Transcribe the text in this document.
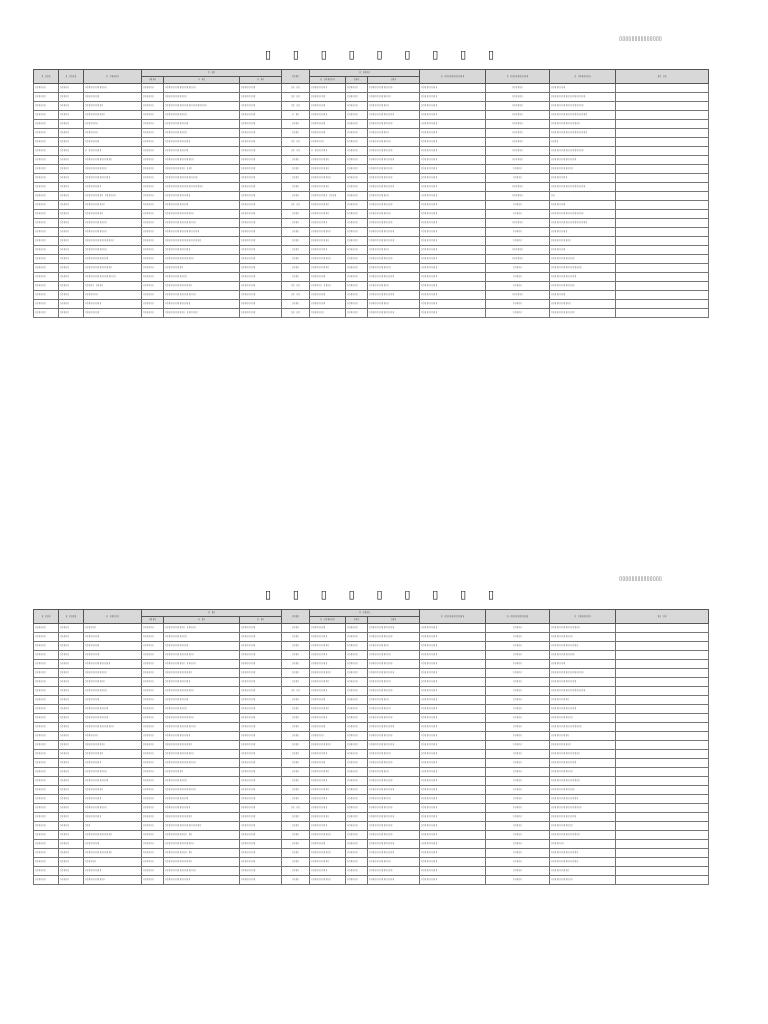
▯▯▯▯▯▯▯▯▯▯▯▯▯▯
▯ ▯ ▯ ▯ ▯ ▯ ▯ ▯ ▯
▯ ▯▯▯	▯ ▯▯▯▯	▯ ▯▯▯▯▯	▯ ▯▯			▯▯▯▯	▯ ▯▯▯▯			▯ ▯▯▯▯▯▯▯▯▯▯▯	▯ ▯▯▯▯▯▯▯▯▯▯	▯ ▯▯▯▯▯▯▯	▯▯ ▯▯
			▯▯▯▯	▯ ▯▯	▯ ▯▯		▯ ▯▯▯▯▯▯	▯▯▯	▯▯▯				
▯▯▯▯▯▯	▯▯▯▯▯	▯▯▯▯▯▯▯▯▯▯▯▯	▯▯▯▯▯▯	▯▯▯▯▯▯▯▯▯▯▯▯▯▯▯▯▯	▯▯▯▯▯▯▯▯	▯▯ ▯▯	▯▯▯▯▯▯▯▯▯	▯▯▯▯▯▯	▯▯▯▯▯▯▯▯▯▯▯▯▯	▯▯▯▯▯▯▯▯▯	▯▯▯▯▯▯	▯▯▯▯▯▯▯▯	
▯▯▯▯▯▯	▯▯▯▯▯	▯▯▯▯▯▯▯▯	▯▯▯▯▯▯	▯▯▯▯▯▯▯▯▯▯▯▯	▯▯▯▯▯▯▯▯	▯▯ ▯▯	▯▯▯▯▯▯▯▯	▯▯▯▯▯▯	▯▯▯▯▯▯▯▯▯▯▯▯	▯▯▯▯▯▯▯▯▯	▯▯▯▯▯▯	▯▯▯▯▯▯▯▯▯▯▯▯▯▯▯▯▯▯▯	
▯▯▯▯▯▯	▯▯▯▯▯	▯▯▯▯▯▯▯▯▯▯	▯▯▯▯▯▯	▯▯▯▯▯▯▯▯▯▯▯▯▯▯▯▯▯▯▯▯▯▯▯	▯▯▯▯▯▯▯▯	▯▯ ▯▯	▯▯▯▯▯▯▯▯	▯▯▯▯▯▯	▯▯▯▯▯▯▯▯▯▯▯	▯▯▯▯▯▯▯▯▯	▯▯▯▯▯▯	▯▯▯▯▯▯▯▯▯▯▯▯▯▯▯▯▯▯	
▯▯▯▯▯▯	▯▯▯▯▯	▯▯▯▯▯▯▯▯▯▯▯	▯▯▯▯▯▯	▯▯▯▯▯▯▯▯▯▯▯▯	▯▯▯▯▯▯▯▯	▯ ▯▯	▯▯▯▯▯▯▯▯▯	▯▯▯▯▯▯	▯▯▯▯▯▯▯▯▯▯▯▯▯▯	▯▯▯▯▯▯▯▯▯	▯▯▯▯▯▯	▯▯▯▯▯▯▯▯▯▯▯▯▯▯▯▯▯▯▯▯	
▯▯▯▯▯▯	▯▯▯▯▯	▯▯▯▯▯▯▯	▯▯▯▯▯▯	▯▯▯▯▯▯▯▯▯▯▯▯▯	▯▯▯▯▯▯▯▯	▯▯▯▯	▯▯▯▯▯▯▯▯	▯▯▯▯▯▯	▯▯▯▯▯▯▯▯▯▯▯▯▯	▯▯▯▯▯▯▯▯▯	▯▯▯▯▯▯	▯▯▯▯▯▯▯▯▯▯▯▯▯▯▯▯	
▯▯▯▯▯▯	▯▯▯▯▯	▯▯▯▯▯▯▯	▯▯▯▯▯▯	▯▯▯▯▯▯▯▯▯▯▯▯	▯▯▯▯▯▯▯▯	▯▯▯▯	▯▯▯▯▯▯▯▯	▯▯▯▯▯▯	▯▯▯▯▯▯▯▯▯▯▯	▯▯▯▯▯▯▯▯▯	▯▯▯▯▯▯	▯▯▯▯▯▯▯▯▯▯▯▯▯▯▯▯▯▯▯▯	
▯▯▯▯▯▯	▯▯▯▯▯	▯▯▯▯▯▯▯▯	▯▯▯▯▯▯	▯▯▯▯▯▯▯▯▯▯▯▯▯▯	▯▯▯▯▯▯▯▯	▯▯ ▯▯	▯▯▯▯▯▯▯	▯▯▯▯▯▯	▯▯▯▯▯▯▯▯▯▯▯▯	▯▯▯▯▯▯▯▯▯	▯▯▯▯▯▯	▯▯▯▯	
▯▯▯▯▯▯	▯▯▯▯▯	▯ ▯▯▯▯▯▯▯	▯▯▯▯▯▯	▯▯▯▯▯▯▯▯▯▯▯▯▯	▯▯▯▯▯▯▯▯	▯▯ ▯▯	▯ ▯▯▯▯▯▯▯	▯▯▯▯▯▯	▯▯▯▯▯▯▯▯▯▯▯▯▯	▯▯▯▯▯▯▯▯▯	▯▯▯▯▯▯	▯▯▯▯▯▯▯▯▯▯▯▯▯▯▯▯▯▯	
▯▯▯▯▯▯	▯▯▯▯▯	▯▯▯▯▯▯▯▯▯▯▯▯▯▯▯	▯▯▯▯▯▯	▯▯▯▯▯▯▯▯▯▯▯▯▯▯▯▯	▯▯▯▯▯▯▯▯	▯▯▯▯	▯▯▯▯▯▯▯▯▯▯	▯▯▯▯▯▯	▯▯▯▯▯▯▯▯▯▯▯▯▯▯	▯▯▯▯▯▯▯▯▯	▯▯▯▯▯▯	▯▯▯▯▯▯▯▯▯▯▯▯▯▯	
▯▯▯▯▯▯	▯▯▯▯▯	▯▯▯▯▯▯▯▯▯▯▯▯	▯▯▯▯▯▯	▯▯▯▯▯▯▯▯▯▯▯ ▯▯▯	▯▯▯▯▯▯▯▯	▯▯▯▯	▯▯▯▯▯▯▯▯▯▯	▯▯▯▯▯▯	▯▯▯▯▯▯▯▯▯▯▯▯▯	▯▯▯▯▯▯▯▯▯	▯▯▯▯▯	▯▯▯▯▯▯▯▯▯▯▯▯	
▯▯▯▯▯▯	▯▯▯▯▯	▯▯▯▯▯▯▯▯▯▯▯▯▯▯	▯▯▯▯▯▯	▯▯▯▯▯▯▯▯▯▯▯▯▯▯▯▯▯▯	▯▯▯▯▯▯▯▯	▯▯▯▯	▯▯▯▯▯▯▯▯▯▯▯	▯▯▯▯▯▯	▯▯▯▯▯▯▯▯▯▯▯▯▯	▯▯▯▯▯▯▯▯▯	▯▯▯▯▯	▯▯▯▯▯▯▯▯▯	
▯▯▯▯▯▯	▯▯▯▯▯	▯▯▯▯▯▯▯▯▯	▯▯▯▯▯▯	▯▯▯▯▯▯▯▯▯▯▯▯▯▯▯▯▯▯▯▯▯	▯▯▯▯▯▯▯▯	▯▯▯▯	▯▯▯▯▯▯▯▯▯▯	▯▯▯▯▯▯	▯▯▯▯▯▯▯▯▯▯▯▯▯▯	▯▯▯▯▯▯▯▯▯	▯▯▯▯▯▯	▯▯▯▯▯▯▯▯▯▯▯▯▯▯▯▯▯▯▯	
▯▯▯▯▯▯	▯▯▯▯▯	▯▯▯▯▯▯▯▯▯▯ ▯▯▯▯▯▯	▯▯▯▯▯▯	▯▯▯▯▯▯▯▯▯▯▯▯▯▯	▯▯▯▯▯▯▯▯	▯▯▯▯	▯▯▯▯▯▯▯▯▯ ▯▯▯▯	▯▯▯▯▯▯	▯▯▯▯▯▯▯▯▯▯▯	▯▯▯▯▯▯▯▯▯	▯▯▯▯▯▯	▯▯	
▯▯▯▯▯▯	▯▯▯▯▯	▯▯▯▯▯▯▯▯▯▯▯	▯▯▯▯▯▯	▯▯▯▯▯▯▯▯▯▯▯▯▯	▯▯▯▯▯▯▯▯	▯▯ ▯▯	▯▯▯▯▯▯▯▯▯▯	▯▯▯▯▯▯	▯▯▯▯▯▯▯▯▯▯▯▯▯	▯▯▯▯▯▯▯▯▯	▯▯▯▯▯	▯▯▯▯▯▯▯▯	
▯▯▯▯▯▯	▯▯▯▯▯	▯▯▯▯▯▯▯▯▯▯	▯▯▯▯▯▯	▯▯▯▯▯▯▯▯▯▯▯▯▯▯▯▯	▯▯▯▯▯▯▯▯	▯▯▯▯	▯▯▯▯▯▯▯▯▯▯	▯▯▯▯▯▯	▯▯▯▯▯▯▯▯▯▯▯▯	▯▯▯▯▯▯▯▯▯	▯▯▯▯▯	▯▯▯▯▯▯▯▯▯▯▯▯▯▯▯▯▯▯	
▯▯▯▯▯▯	▯▯▯▯▯	▯▯▯▯▯▯▯▯▯▯▯▯	▯▯▯▯▯▯	▯▯▯▯▯▯▯▯▯▯▯▯▯▯▯▯▯	▯▯▯▯▯▯▯▯	▯▯▯▯	▯▯▯▯▯▯▯▯▯	▯▯▯▯▯▯	▯▯▯▯▯▯▯▯▯▯▯▯▯	▯▯▯▯▯▯▯▯▯	▯▯▯▯▯▯	▯▯▯▯▯▯▯▯▯▯▯▯▯▯▯▯▯▯▯▯	
▯▯▯▯▯▯	▯▯▯▯▯	▯▯▯▯▯▯▯▯▯▯▯▯	▯▯▯▯▯▯	▯▯▯▯▯▯▯▯▯▯▯▯▯▯▯▯▯▯▯	▯▯▯▯▯▯▯▯	▯▯▯▯	▯▯▯▯▯▯▯▯▯▯▯	▯▯▯▯▯▯	▯▯▯▯▯▯▯▯▯▯▯▯▯▯	▯▯▯▯▯▯▯▯▯	▯▯▯▯▯	▯▯▯▯▯▯▯▯▯	
▯▯▯▯▯▯	▯▯▯▯▯	▯▯▯▯▯▯▯▯▯▯▯▯▯▯▯▯	▯▯▯▯▯▯	▯▯▯▯▯▯▯▯▯▯▯▯▯▯▯▯▯▯▯▯	▯▯▯▯▯▯▯▯	▯▯▯▯	▯▯▯▯▯▯▯▯▯▯	▯▯▯▯▯▯	▯▯▯▯▯▯▯▯▯▯▯▯▯▯	▯▯▯▯▯▯▯▯▯	▯▯▯▯▯	▯▯▯▯▯▯▯▯▯▯▯	
▯▯▯▯▯▯	▯▯▯▯▯	▯▯▯▯▯▯▯▯▯▯▯▯	▯▯▯▯▯▯	▯▯▯▯▯▯▯▯▯▯▯▯▯▯	▯▯▯▯▯▯▯▯	▯▯▯▯	▯▯▯▯▯▯▯▯▯	▯▯▯▯▯▯	▯▯▯▯▯▯▯▯▯▯▯	▯▯▯▯▯▯▯▯▯	▯▯▯▯▯▯	▯▯▯▯▯▯▯▯	
▯▯▯▯▯▯	▯▯▯▯▯	▯▯▯▯▯▯▯▯▯▯▯▯▯	▯▯▯▯▯▯	▯▯▯▯▯▯▯▯▯▯▯▯▯▯▯▯	▯▯▯▯▯▯▯▯	▯▯▯▯	▯▯▯▯▯▯▯▯▯▯▯	▯▯▯▯▯▯	▯▯▯▯▯▯▯▯▯▯▯▯▯	▯▯▯▯▯▯▯▯▯	▯▯▯▯▯▯	▯▯▯▯▯▯▯▯▯▯▯▯▯	
▯▯▯▯▯▯	▯▯▯▯▯	▯▯▯▯▯▯▯▯▯▯▯▯▯▯▯	▯▯▯▯▯▯	▯▯▯▯▯▯▯▯▯▯	▯▯▯▯▯▯▯▯	▯▯▯▯	▯▯▯▯▯▯▯▯▯▯	▯▯▯▯▯▯	▯▯▯▯▯▯▯▯▯▯▯▯	▯▯▯▯▯▯▯▯▯	▯▯▯▯▯	▯▯▯▯▯▯▯▯▯▯▯▯▯▯▯▯▯	
▯▯▯▯▯▯	▯▯▯▯▯	▯▯▯▯▯▯▯▯▯▯▯▯▯▯▯▯▯	▯▯▯▯▯▯	▯▯▯▯▯▯▯▯▯▯▯▯	▯▯▯▯▯▯▯▯	▯▯▯▯	▯▯▯▯▯▯▯▯	▯▯▯▯▯▯	▯▯▯▯▯▯▯▯▯▯▯▯▯▯	▯▯▯▯▯▯▯▯▯	▯▯▯▯▯	▯▯▯▯▯▯▯▯▯▯▯▯▯▯	
▯▯▯▯▯▯	▯▯▯▯▯	▯▯▯▯▯ ▯▯▯▯	▯▯▯▯▯▯	▯▯▯▯▯▯▯▯▯▯▯▯▯▯▯	▯▯▯▯▯▯▯▯	▯▯ ▯▯	▯▯▯▯▯▯ ▯▯▯▯	▯▯▯▯▯▯	▯▯▯▯▯▯▯▯▯▯▯	▯▯▯▯▯▯▯▯▯	▯▯▯▯▯	▯▯▯▯▯▯▯▯▯▯▯▯▯	
▯▯▯▯▯▯	▯▯▯▯▯	▯▯▯▯▯▯▯	▯▯▯▯▯▯	▯▯▯▯▯▯▯▯▯▯▯▯▯▯▯▯▯	▯▯▯▯▯▯▯▯	▯▯ ▯▯	▯▯▯▯▯▯▯▯	▯▯▯▯▯▯	▯▯▯▯▯▯▯▯▯▯▯▯▯▯	▯▯▯▯▯▯▯▯▯	▯▯▯▯▯▯	▯▯▯▯▯▯▯▯	
▯▯▯▯▯▯	▯▯▯▯▯	▯▯▯▯▯▯▯▯▯	▯▯▯▯▯▯	▯▯▯▯▯▯▯▯▯▯▯▯▯▯	▯▯▯▯▯▯▯▯	▯▯▯▯	▯▯▯▯▯▯▯▯	▯▯▯▯▯▯	▯▯▯▯▯▯▯▯▯▯▯	▯▯▯▯▯▯▯▯▯	▯▯▯▯▯	▯▯▯▯▯▯▯▯▯▯▯	
▯▯▯▯▯▯	▯▯▯▯▯	▯▯▯▯▯▯▯▯	▯▯▯▯▯▯	▯▯▯▯▯▯▯▯▯▯▯ ▯▯▯▯▯▯	▯▯▯▯▯▯▯▯	▯▯ ▯▯	▯▯▯▯▯▯▯	▯▯▯▯▯▯	▯▯▯▯▯▯▯▯▯▯▯▯▯▯	▯▯▯▯▯▯▯▯▯	▯▯▯▯▯	▯▯▯▯▯▯▯▯▯▯▯▯▯	
▯▯▯▯▯▯▯▯▯▯▯▯▯▯
▯ ▯ ▯ ▯ ▯ ▯ ▯ ▯ ▯
▯ ▯▯▯	▯ ▯▯▯▯	▯ ▯▯▯▯▯	▯ ▯▯			▯▯▯▯	▯ ▯▯▯▯			▯ ▯▯▯▯▯▯▯▯▯▯▯	▯ ▯▯▯▯▯▯▯▯▯▯	▯ ▯▯▯▯▯▯▯	▯▯ ▯▯
			▯▯▯▯	▯ ▯▯	▯ ▯▯		▯ ▯▯▯▯▯▯	▯▯▯	▯▯▯				
▯▯▯▯▯▯	▯▯▯▯▯	▯▯▯▯▯▯	▯▯▯▯▯▯	▯▯▯▯▯▯▯▯▯▯▯ ▯▯▯▯▯	▯▯▯▯▯▯▯▯	▯▯▯▯	▯▯▯▯▯▯▯▯	▯▯▯▯▯▯	▯▯▯▯▯▯▯▯▯▯▯▯▯▯	▯▯▯▯▯▯▯▯▯	▯▯▯▯▯	▯▯▯▯▯▯▯▯▯▯▯▯▯▯▯▯	
▯▯▯▯▯▯	▯▯▯▯▯	▯▯▯▯▯▯▯▯	▯▯▯▯▯▯	▯▯▯▯▯▯▯▯▯▯▯▯	▯▯▯▯▯▯▯▯	▯▯▯▯	▯▯▯▯▯▯▯▯▯	▯▯▯▯▯▯	▯▯▯▯▯▯▯▯▯▯▯▯▯	▯▯▯▯▯▯▯▯▯	▯▯▯▯▯	▯▯▯▯▯▯▯▯▯▯▯▯	
▯▯▯▯▯▯	▯▯▯▯▯	▯▯▯▯▯▯▯▯	▯▯▯▯▯▯	▯▯▯▯▯▯▯▯▯▯▯▯▯	▯▯▯▯▯▯▯▯	▯▯▯▯	▯▯▯▯▯▯▯▯▯▯	▯▯▯▯▯▯	▯▯▯▯▯▯▯▯▯▯▯	▯▯▯▯▯▯▯▯▯	▯▯▯▯▯	▯▯▯▯▯▯▯▯▯▯▯▯▯▯▯	
▯▯▯▯▯▯	▯▯▯▯▯	▯▯▯▯▯▯▯▯	▯▯▯▯▯▯	▯▯▯▯▯▯▯▯▯▯▯▯▯▯▯▯	▯▯▯▯▯▯▯▯	▯▯▯▯	▯▯▯▯▯▯▯▯▯	▯▯▯▯▯▯	▯▯▯▯▯▯▯▯▯▯▯▯	▯▯▯▯▯▯▯▯▯	▯▯▯▯▯	▯▯▯▯▯▯▯▯▯▯▯▯▯	
▯▯▯▯▯▯	▯▯▯▯▯	▯▯▯▯▯▯▯▯▯▯▯▯▯▯	▯▯▯▯▯▯	▯▯▯▯▯▯▯▯▯▯▯ ▯▯▯▯▯	▯▯▯▯▯▯▯▯	▯▯▯▯	▯▯▯▯▯▯▯▯▯	▯▯▯▯▯▯	▯▯▯▯▯▯▯▯▯▯▯▯▯	▯▯▯▯▯▯▯▯▯	▯▯▯▯▯	▯▯▯▯▯▯▯▯	
▯▯▯▯▯▯	▯▯▯▯▯	▯▯▯▯▯▯▯▯▯▯▯▯	▯▯▯▯▯▯	▯▯▯▯▯▯▯▯▯▯▯▯▯▯▯	▯▯▯▯▯▯▯▯	▯▯▯▯	▯▯▯▯▯▯▯▯▯▯▯	▯▯▯▯▯▯	▯▯▯▯▯▯▯▯▯▯▯▯▯▯	▯▯▯▯▯▯▯▯▯	▯▯▯▯▯	▯▯▯▯▯▯▯▯▯▯▯▯▯▯▯▯▯▯	
▯▯▯▯▯▯	▯▯▯▯▯	▯▯▯▯▯▯▯▯▯▯▯	▯▯▯▯▯▯	▯▯▯▯▯▯▯▯▯▯▯▯▯▯	▯▯▯▯▯▯▯▯	▯▯▯▯	▯▯▯▯▯▯▯▯▯▯	▯▯▯▯▯▯	▯▯▯▯▯▯▯▯▯▯▯▯	▯▯▯▯▯▯▯▯▯	▯▯▯▯▯	▯▯▯▯▯▯▯▯▯▯▯▯▯▯	
▯▯▯▯▯▯	▯▯▯▯▯	▯▯▯▯▯▯▯▯▯▯▯▯	▯▯▯▯▯▯	▯▯▯▯▯▯▯▯▯▯▯▯▯▯▯▯	▯▯▯▯▯▯▯▯	▯▯ ▯▯	▯▯▯▯▯▯▯▯▯	▯▯▯▯▯▯	▯▯▯▯▯▯▯▯▯▯▯▯▯	▯▯▯▯▯▯▯▯▯	▯▯▯▯▯	▯▯▯▯▯▯▯▯▯▯▯▯▯▯▯▯▯▯▯	
▯▯▯▯▯▯	▯▯▯▯▯	▯▯▯▯▯▯▯▯	▯▯▯▯▯▯	▯▯▯▯▯▯▯▯▯▯▯▯▯	▯▯▯▯▯▯▯▯	▯▯▯▯	▯▯▯▯▯▯▯▯	▯▯▯▯▯▯	▯▯▯▯▯▯▯▯▯▯▯	▯▯▯▯▯▯▯▯▯	▯▯▯▯▯	▯▯▯▯▯▯▯▯▯▯	
▯▯▯▯▯▯	▯▯▯▯▯	▯▯▯▯▯▯▯▯▯▯▯▯▯	▯▯▯▯▯▯	▯▯▯▯▯▯▯▯▯▯▯▯	▯▯▯▯▯▯▯▯	▯▯▯▯	▯▯▯▯▯▯▯▯▯▯	▯▯▯▯▯▯	▯▯▯▯▯▯▯▯▯▯▯▯	▯▯▯▯▯▯▯▯▯	▯▯▯▯▯	▯▯▯▯▯▯▯▯▯▯▯▯▯▯	
▯▯▯▯▯▯	▯▯▯▯▯	▯▯▯▯▯▯▯▯▯▯▯▯▯	▯▯▯▯▯▯	▯▯▯▯▯▯▯▯▯▯▯▯▯▯▯▯	▯▯▯▯▯▯▯▯	▯▯▯▯	▯▯▯▯▯▯▯▯▯	▯▯▯▯▯▯	▯▯▯▯▯▯▯▯▯▯▯▯▯	▯▯▯▯▯▯▯▯▯	▯▯▯▯▯	▯▯▯▯▯▯▯▯▯▯▯▯	
▯▯▯▯▯▯	▯▯▯▯▯	▯▯▯▯▯▯▯▯▯▯▯▯▯▯▯▯	▯▯▯▯▯▯	▯▯▯▯▯▯▯▯▯▯▯▯▯▯▯▯▯	▯▯▯▯▯▯▯▯	▯▯▯▯	▯▯▯▯▯▯▯▯	▯▯▯▯▯▯	▯▯▯▯▯▯▯▯▯▯▯▯▯▯	▯▯▯▯▯▯▯▯▯	▯▯▯▯▯	▯▯▯▯▯▯▯▯▯▯▯▯▯▯▯▯▯	
▯▯▯▯▯▯	▯▯▯▯▯	▯▯▯▯▯▯▯	▯▯▯▯▯▯	▯▯▯▯▯▯▯▯▯▯▯▯▯▯	▯▯▯▯▯▯▯▯	▯▯▯▯	▯▯▯▯▯▯▯	▯▯▯▯▯▯	▯▯▯▯▯▯▯▯▯▯▯▯▯	▯▯▯▯▯▯▯▯▯	▯▯▯▯▯	▯▯▯▯▯▯▯▯▯▯	
▯▯▯▯▯▯	▯▯▯▯▯	▯▯▯▯▯▯▯▯▯▯▯	▯▯▯▯▯▯	▯▯▯▯▯▯▯▯▯▯▯▯▯▯▯	▯▯▯▯▯▯▯▯	▯▯▯▯	▯▯▯▯▯▯▯▯▯▯▯	▯▯▯▯▯▯	▯▯▯▯▯▯▯▯▯▯▯▯▯▯	▯▯▯▯▯▯▯▯▯	▯▯▯▯▯	▯▯▯▯▯▯▯▯▯▯▯	
▯▯▯▯▯▯	▯▯▯▯▯	▯▯▯▯▯▯▯▯▯▯	▯▯▯▯▯▯	▯▯▯▯▯▯▯▯▯▯▯▯▯▯▯▯	▯▯▯▯▯▯▯▯	▯▯▯▯	▯▯▯▯▯▯▯▯▯	▯▯▯▯▯▯	▯▯▯▯▯▯▯▯▯▯▯▯	▯▯▯▯▯▯▯▯▯	▯▯▯▯▯	▯▯▯▯▯▯▯▯▯▯▯▯▯▯▯▯	
▯▯▯▯▯▯	▯▯▯▯▯	▯▯▯▯▯▯▯▯▯	▯▯▯▯▯▯	▯▯▯▯▯▯▯▯▯▯▯▯▯▯▯▯▯	▯▯▯▯▯▯▯▯	▯▯▯▯	▯▯▯▯▯▯▯▯	▯▯▯▯▯▯	▯▯▯▯▯▯▯▯▯▯▯▯▯	▯▯▯▯▯▯▯▯▯	▯▯▯▯▯	▯▯▯▯▯▯▯▯▯▯▯▯▯▯	
▯▯▯▯▯▯	▯▯▯▯▯	▯▯▯▯▯▯▯▯▯▯▯▯	▯▯▯▯▯▯	▯▯▯▯▯▯▯▯▯▯	▯▯▯▯▯▯▯▯	▯▯▯▯	▯▯▯▯▯▯▯▯▯▯	▯▯▯▯▯▯	▯▯▯▯▯▯▯▯▯▯▯	▯▯▯▯▯▯▯▯▯	▯▯▯▯▯	▯▯▯▯▯▯▯▯▯▯▯▯	
▯▯▯▯▯▯	▯▯▯▯▯	▯▯▯▯▯▯▯▯▯▯▯▯▯	▯▯▯▯▯▯	▯▯▯▯▯▯▯▯▯▯▯▯	▯▯▯▯▯▯▯▯	▯▯▯▯	▯▯▯▯▯▯▯▯▯	▯▯▯▯▯▯	▯▯▯▯▯▯▯▯▯▯▯▯▯	▯▯▯▯▯▯▯▯▯	▯▯▯▯▯	▯▯▯▯▯▯▯▯▯▯▯▯▯▯▯▯	
▯▯▯▯▯▯	▯▯▯▯▯	▯▯▯▯▯▯▯▯▯▯	▯▯▯▯▯▯	▯▯▯▯▯▯▯▯▯▯▯▯▯▯▯▯▯	▯▯▯▯▯▯▯▯	▯▯▯▯	▯▯▯▯▯▯▯▯▯▯	▯▯▯▯▯▯	▯▯▯▯▯▯▯▯▯▯▯▯▯▯	▯▯▯▯▯▯▯▯▯	▯▯▯▯▯	▯▯▯▯▯▯▯▯▯▯▯▯▯	
▯▯▯▯▯▯	▯▯▯▯▯	▯▯▯▯▯▯▯▯▯	▯▯▯▯▯▯	▯▯▯▯▯▯▯▯▯▯▯▯▯	▯▯▯▯▯▯▯▯	▯▯▯▯	▯▯▯▯▯▯▯▯▯	▯▯▯▯▯▯	▯▯▯▯▯▯▯▯▯▯▯▯	▯▯▯▯▯▯▯▯▯	▯▯▯▯▯	▯▯▯▯▯▯▯▯▯▯▯▯▯▯▯	
▯▯▯▯▯▯	▯▯▯▯▯	▯▯▯▯▯▯▯▯▯▯▯▯	▯▯▯▯▯▯	▯▯▯▯▯▯▯▯▯▯▯▯▯▯	▯▯▯▯▯▯▯▯	▯▯ ▯▯	▯▯▯▯▯▯▯▯▯	▯▯▯▯▯▯	▯▯▯▯▯▯▯▯▯▯▯▯▯	▯▯▯▯▯▯▯▯▯	▯▯▯▯▯	▯▯▯▯▯▯▯▯▯▯▯▯▯▯▯▯▯	
▯▯▯▯▯▯	▯▯▯▯▯	▯▯▯▯▯▯▯▯▯	▯▯▯▯▯▯	▯▯▯▯▯▯▯▯▯▯▯▯▯▯▯	▯▯▯▯▯▯▯▯	▯▯▯▯	▯▯▯▯▯▯▯▯▯▯	▯▯▯▯▯▯	▯▯▯▯▯▯▯▯▯▯▯▯▯▯	▯▯▯▯▯▯▯▯▯	▯▯▯▯▯	▯▯▯▯▯▯▯▯▯▯▯▯▯▯	
▯▯▯▯▯▯	▯▯▯▯▯	▯▯▯	▯▯▯▯▯▯	▯▯▯▯▯▯▯▯▯▯▯▯▯▯▯▯▯▯▯▯	▯▯▯▯▯▯▯▯	▯▯▯▯	▯▯▯▯▯▯▯▯▯	▯▯▯▯▯▯	▯▯▯▯▯▯▯▯▯▯▯▯▯	▯▯▯▯▯▯▯▯▯	▯▯▯▯▯	▯▯▯▯▯▯▯▯▯▯▯▯	
▯▯▯▯▯▯	▯▯▯▯▯	▯▯▯▯▯▯▯▯▯▯▯▯▯▯▯	▯▯▯▯▯▯	▯▯▯▯▯▯▯▯▯▯▯▯ ▯▯	▯▯▯▯▯▯▯▯	▯▯▯▯	▯▯▯▯▯▯▯▯▯▯▯	▯▯▯▯▯▯	▯▯▯▯▯▯▯▯▯▯▯▯▯	▯▯▯▯▯▯▯▯▯	▯▯▯▯▯	▯▯▯▯▯▯▯▯▯▯▯▯▯▯▯▯	
▯▯▯▯▯▯	▯▯▯▯▯	▯▯▯▯▯▯▯▯	▯▯▯▯▯▯	▯▯▯▯▯▯▯▯▯▯▯▯▯▯▯▯	▯▯▯▯▯▯▯▯	▯▯▯▯	▯▯▯▯▯▯▯▯	▯▯▯▯▯▯	▯▯▯▯▯▯▯▯▯▯▯▯▯▯	▯▯▯▯▯▯▯▯▯	▯▯▯▯▯	▯▯▯▯▯▯▯	
▯▯▯▯▯▯	▯▯▯▯▯	▯▯▯▯▯▯▯▯▯▯▯▯▯▯▯	▯▯▯▯▯▯	▯▯▯▯▯▯▯▯▯▯▯▯ ▯▯	▯▯▯▯▯▯▯▯	▯▯▯▯	▯▯▯▯▯▯▯▯▯▯▯	▯▯▯▯▯▯	▯▯▯▯▯▯▯▯▯▯▯▯▯▯	▯▯▯▯▯▯▯▯▯	▯▯▯▯▯	▯▯▯▯▯▯▯▯▯▯▯▯▯▯▯	
▯▯▯▯▯▯	▯▯▯▯▯	▯▯▯▯▯▯	▯▯▯▯▯▯	▯▯▯▯▯▯▯▯▯▯▯▯▯▯▯	▯▯▯▯▯▯▯▯	▯▯▯▯	▯▯▯▯▯▯▯▯▯▯	▯▯▯▯▯▯	▯▯▯▯▯▯▯▯▯▯▯▯	▯▯▯▯▯▯▯▯▯	▯▯▯▯▯	▯▯▯▯▯▯▯▯▯▯▯▯▯▯▯	
▯▯▯▯▯▯	▯▯▯▯▯	▯▯▯▯▯▯▯▯▯	▯▯▯▯▯▯	▯▯▯▯▯▯▯▯▯▯▯▯▯▯▯▯▯	▯▯▯▯▯▯▯▯	▯▯▯▯	▯▯▯▯▯▯▯▯▯	▯▯▯▯▯▯	▯▯▯▯▯▯▯▯▯▯▯▯▯	▯▯▯▯▯▯▯▯▯	▯▯▯▯▯	▯▯▯▯▯▯▯▯▯▯	
▯▯▯▯▯▯	▯▯▯▯▯	▯▯▯▯▯▯▯▯▯▯▯	▯▯▯▯▯▯	▯▯▯▯▯▯▯▯▯▯▯▯▯▯	▯▯▯▯▯▯▯▯	▯▯▯▯	▯▯▯▯▯▯▯▯▯▯▯	▯▯▯▯▯▯	▯▯▯▯▯▯▯▯▯▯▯▯▯▯	▯▯▯▯▯▯▯▯▯	▯▯▯▯▯	▯▯▯▯▯▯▯▯▯▯▯▯	
